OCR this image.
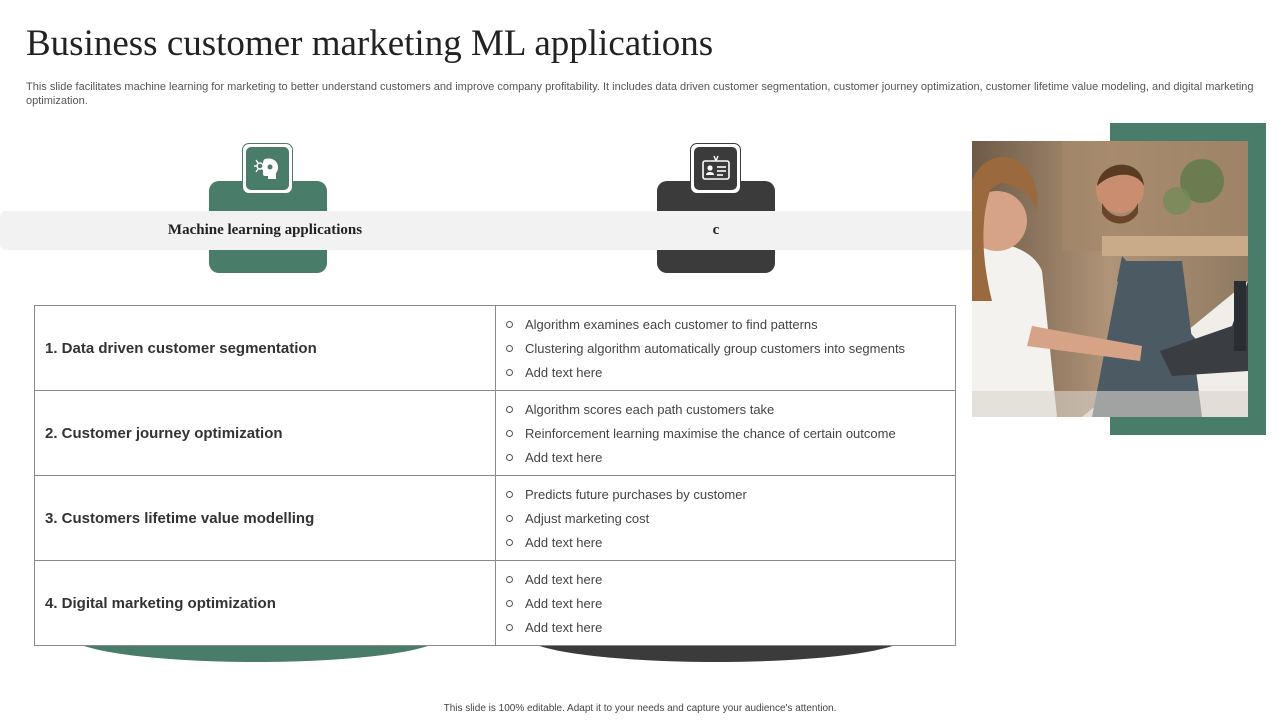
Business customer marketing ML applications

This slide facilitates machine learning for marketing to better understand customers and improve company profitability. It includes data driven customer segmentation, customer journey optimization, customer lifetime value modeling, and digital marketing optimization.

Machine learning applications	c
1. Data driven customer segmentation
Algorithm examines each customer to find patterns
Clustering algorithm automatically group customers into segments
Add text here
2. Customer journey optimization
Algorithm scores each path customers take
Reinforcement learning maximise the chance of certain outcome
Add text here
3. Customers lifetime value modelling
Predicts future purchases by customer
Adjust marketing cost
Add text here
4. Digital marketing optimization
Add text here
Add text here
Add text here
This slide is 100% editable. Adapt it to your needs and capture your audience's attention.
